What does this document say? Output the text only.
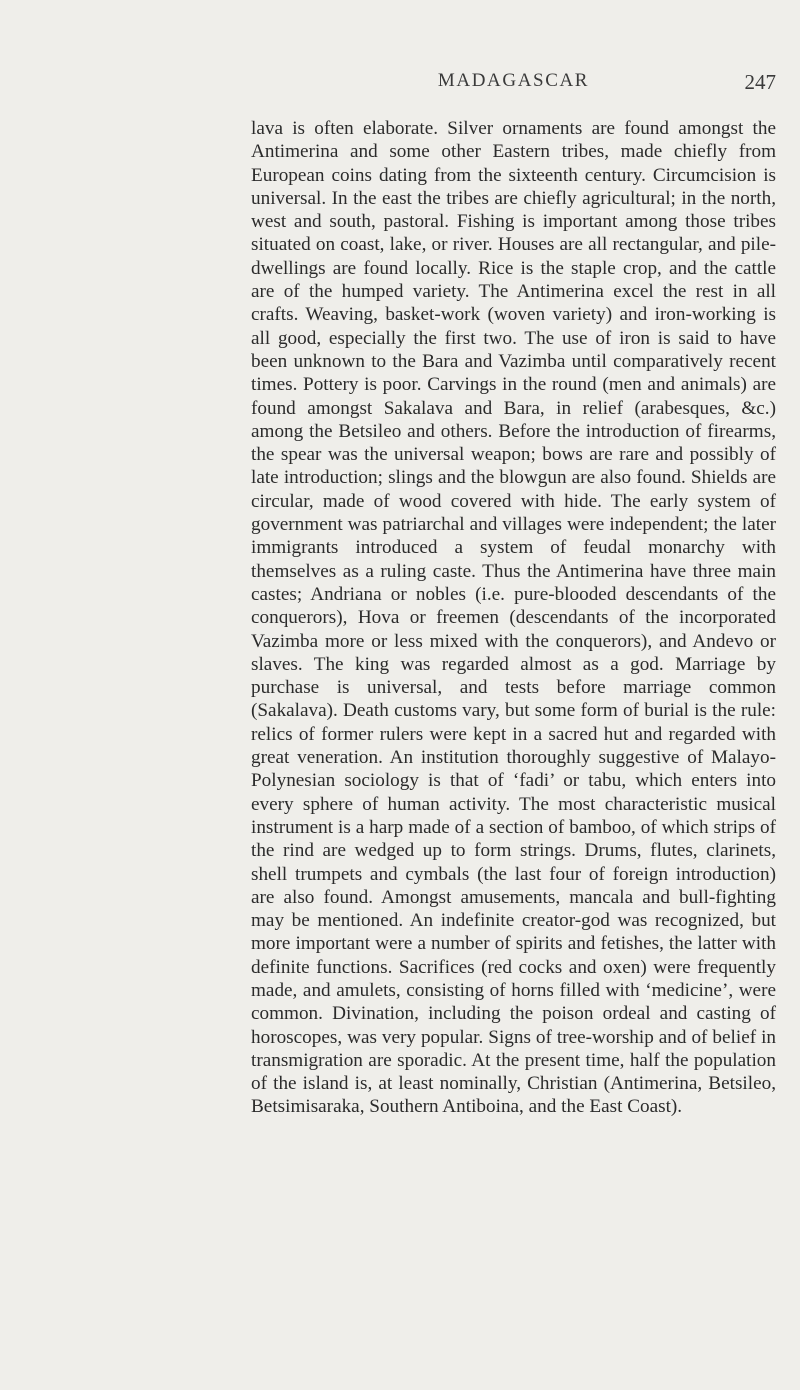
MADAGASCAR	247

lava is often elaborate. Silver ornaments are found amongst the Antimerina and some other Eastern tribes, made chiefly from European coins dating from the sixteenth century. Circumcision is universal. In the east the tribes are chiefly agricultural; in the north, west and south, pastoral. Fishing is important among those tribes situated on coast, lake, or river. Houses are all rectangular, and pile-dwellings are found locally. Rice is the staple crop, and the cattle are of the humped variety. The Antimerina excel the rest in all crafts. Weaving, basket-work (woven variety) and iron-working is all good, especially the first two. The use of iron is said to have been unknown to the Bara and Vazimba until comparatively recent times. Pottery is poor. Carvings in the round (men and animals) are found amongst Sakalava and Bara, in relief (arabesques, &c.) among the Betsileo and others. Before the introduction of firearms, the spear was the universal weapon; bows are rare and possibly of late introduction; slings and the blowgun are also found. Shields are circular, made of wood covered with hide. The early system of government was patriarchal and villages were independent; the later immigrants introduced a system of feudal monarchy with themselves as a ruling caste. Thus the Antimerina have three main castes; Andriana or nobles (i.e. pure-blooded descendants of the conquerors), Hova or freemen (descendants of the incorporated Vazimba more or less mixed with the conquerors), and Andevo or slaves. The king was regarded almost as a god. Marriage by purchase is universal, and tests before marriage common (Sakalava). Death customs vary, but some form of burial is the rule: relics of former rulers were kept in a sacred hut and regarded with great veneration. An institution thoroughly suggestive of Malayo-Polynesian sociology is that of ‘fadi’ or tabu, which enters into every sphere of human activity. The most characteristic musical instrument is a harp made of a section of bamboo, of which strips of the rind are wedged up to form strings. Drums, flutes, clarinets, shell trumpets and cymbals (the last four of foreign introduction) are also found. Amongst amusements, mancala and bull-fighting may be mentioned. An indefinite creator-god was recognized, but more important were a number of spirits and fetishes, the latter with definite functions. Sacrifices (red cocks and oxen) were frequently made, and amulets, consisting of horns filled with ‘medicine’, were common. Divination, including the poison ordeal and casting of horoscopes, was very popular. Signs of tree-worship and of belief in transmigration are sporadic. At the present time, half the population of the island is, at least nominally, Christian (Antimerina, Betsileo, Betsimisaraka, Southern Antiboina, and the East Coast).
